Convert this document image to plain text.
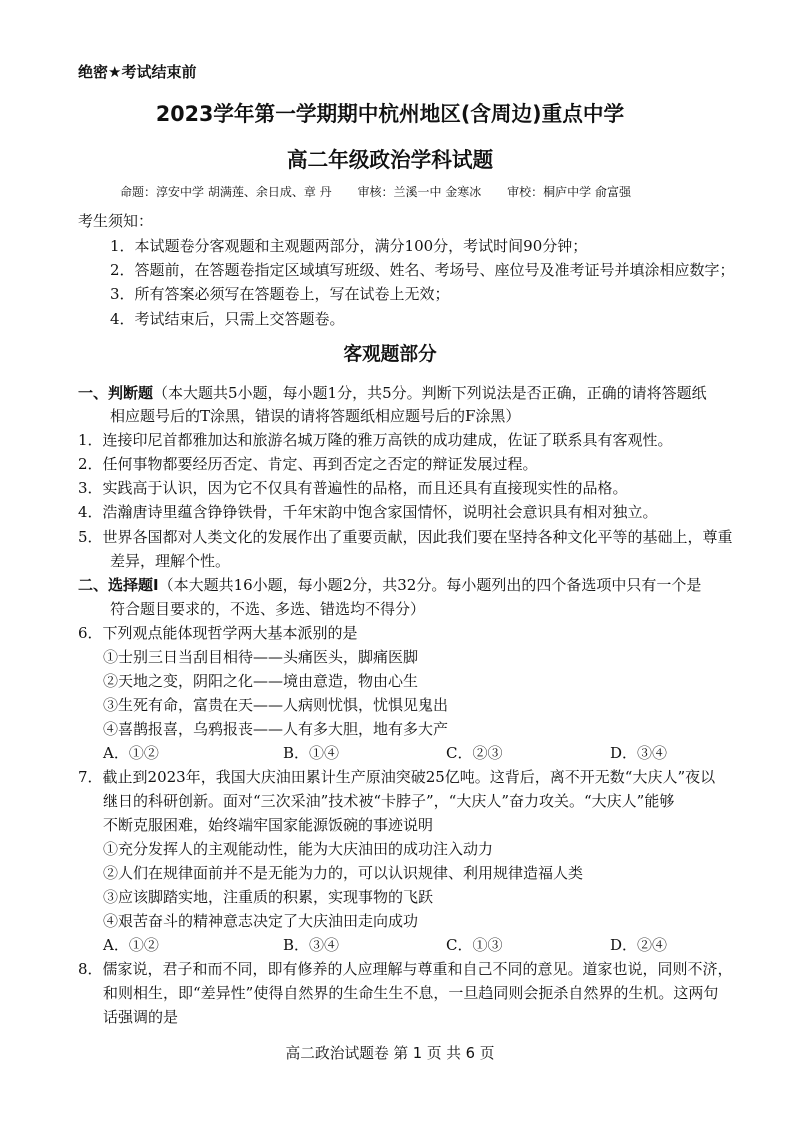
绝密★考试结束前
2023学年第一学期期中杭州地区(含周边)重点中学
高二年级政治学科试题
命题：淳安中学 胡满莲、余日成、章 丹 审核：兰溪一中 金寒冰 审校：桐庐中学 俞富强
考生须知：
1．本试题卷分客观题和主观题两部分，满分100分，考试时间90分钟；
2．答题前，在答题卷指定区域填写班级、姓名、考场号、座位号及准考证号并填涂相应数字；
3．所有答案必须写在答题卷上，写在试卷上无效；
4．考试结束后，只需上交答题卷。
客观题部分
一、判断题（本大题共5小题，每小题1分，共5分。判断下列说法是否正确，正确的请将答题纸
相应题号后的T涂黑，错误的请将答题纸相应题号后的F涂黑）
1．连接印尼首都雅加达和旅游名城万隆的雅万高铁的成功建成，佐证了联系具有客观性。
2．任何事物都要经历否定、肯定、再到否定之否定的辩证发展过程。
3．实践高于认识，因为它不仅具有普遍性的品格，而且还具有直接现实性的品格。
4．浩瀚唐诗里蕴含铮铮铁骨，千年宋韵中饱含家国情怀，说明社会意识具有相对独立。
5．世界各国都对人类文化的发展作出了重要贡献，因此我们要在坚持各种文化平等的基础上，尊重
差异，理解个性。
二、选择题Ⅰ（本大题共16小题，每小题2分，共32分。每小题列出的四个备选项中只有一个是
符合题目要求的，不选、多选、错选均不得分）
6．下列观点能体现哲学两大基本派别的是
①士别三日当刮目相待——头痛医头，脚痛医脚
②天地之变，阴阳之化——境由意造，物由心生
③生死有命，富贵在天——人病则忧惧，忧惧见鬼出
④喜鹊报喜，乌鸦报丧——人有多大胆，地有多大产
A．①②	B．①④	C．②③	D．③④
7．截止到2023年，我国大庆油田累计生产原油突破25亿吨。这背后，离不开无数“大庆人”夜以
继日的科研创新。面对“三次采油”技术被“卡脖子”，“大庆人”奋力攻关。“大庆人”能够
不断克服困难，始终端牢国家能源饭碗的事迹说明
①充分发挥人的主观能动性，能为大庆油田的成功注入动力
②人们在规律面前并不是无能为力的，可以认识规律、利用规律造福人类
③应该脚踏实地，注重质的积累，实现事物的飞跃
④艰苦奋斗的精神意志决定了大庆油田走向成功
A．①②	B．③④	C．①③	D．②④
8．儒家说，君子和而不同，即有修养的人应理解与尊重和自己不同的意见。道家也说，同则不济，
和则相生，即“差异性”使得自然界的生命生生不息，一旦趋同则会扼杀自然界的生机。这两句
话强调的是
高二政治试题卷 第 1 页 共 6 页
